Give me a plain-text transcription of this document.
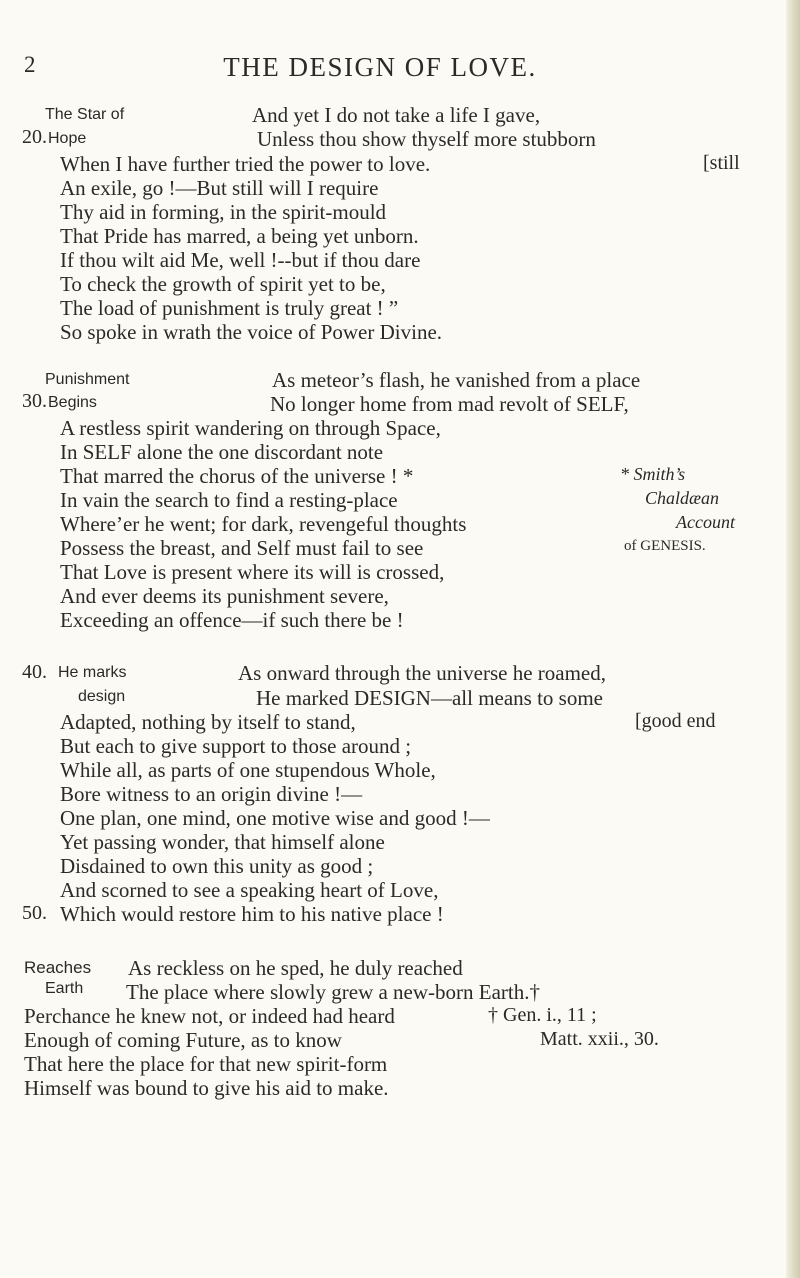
2	THE DESIGN OF LOVE.
The Star of
20. Hope
And yet I do not take a life I gave,
Unless thou show thyself more stubborn
When I have further tried the power to love.	[still
An exile, go !—But still will I require
Thy aid in forming, in the spirit-mould
That Pride has marred, a being yet unborn.
If thou wilt aid Me, well !--but if thou dare
To check the growth of spirit yet to be,
The load of punishment is truly great ! ”
So spoke in wrath the voice of Power Divine.
Punishment
30. Begins
As meteor’s flash, he vanished from a place
No longer home from mad revolt of SELF,
A restless spirit wandering on through Space,
In SELF alone the one discordant note
That marred the chorus of the universe ! *	* Smith’s
In vain the search to find a resting-place	Chaldæan
Where’er he went; for dark, revengeful thoughts	Account
Possess the breast, and Self must fail to see	of GENESIS.
That Love is present where its will is crossed,
And ever deems its punishment severe,
Exceeding an offence—if such there be !
40. He marks
design
As onward through the universe he roamed,
He marked DESIGN—all means to some
Adapted, nothing by itself to stand,	[good end
But each to give support to those around ;
While all, as parts of one stupendous Whole,
Bore witness to an origin divine !—
One plan, one mind, one motive wise and good !—
Yet passing wonder, that himself alone
Disdained to own this unity as good ;
And scorned to see a speaking heart of Love,
50. Which would restore him to his native place !
Reaches
Earth
As reckless on he sped, he duly reached
The place where slowly grew a new-born Earth.†
Perchance he knew not, or indeed had heard	† Gen. i., 11 ;
Enough of coming Future, as to know	Matt. xxii., 30.
That here the place for that new spirit-form
Himself was bound to give his aid to make.
